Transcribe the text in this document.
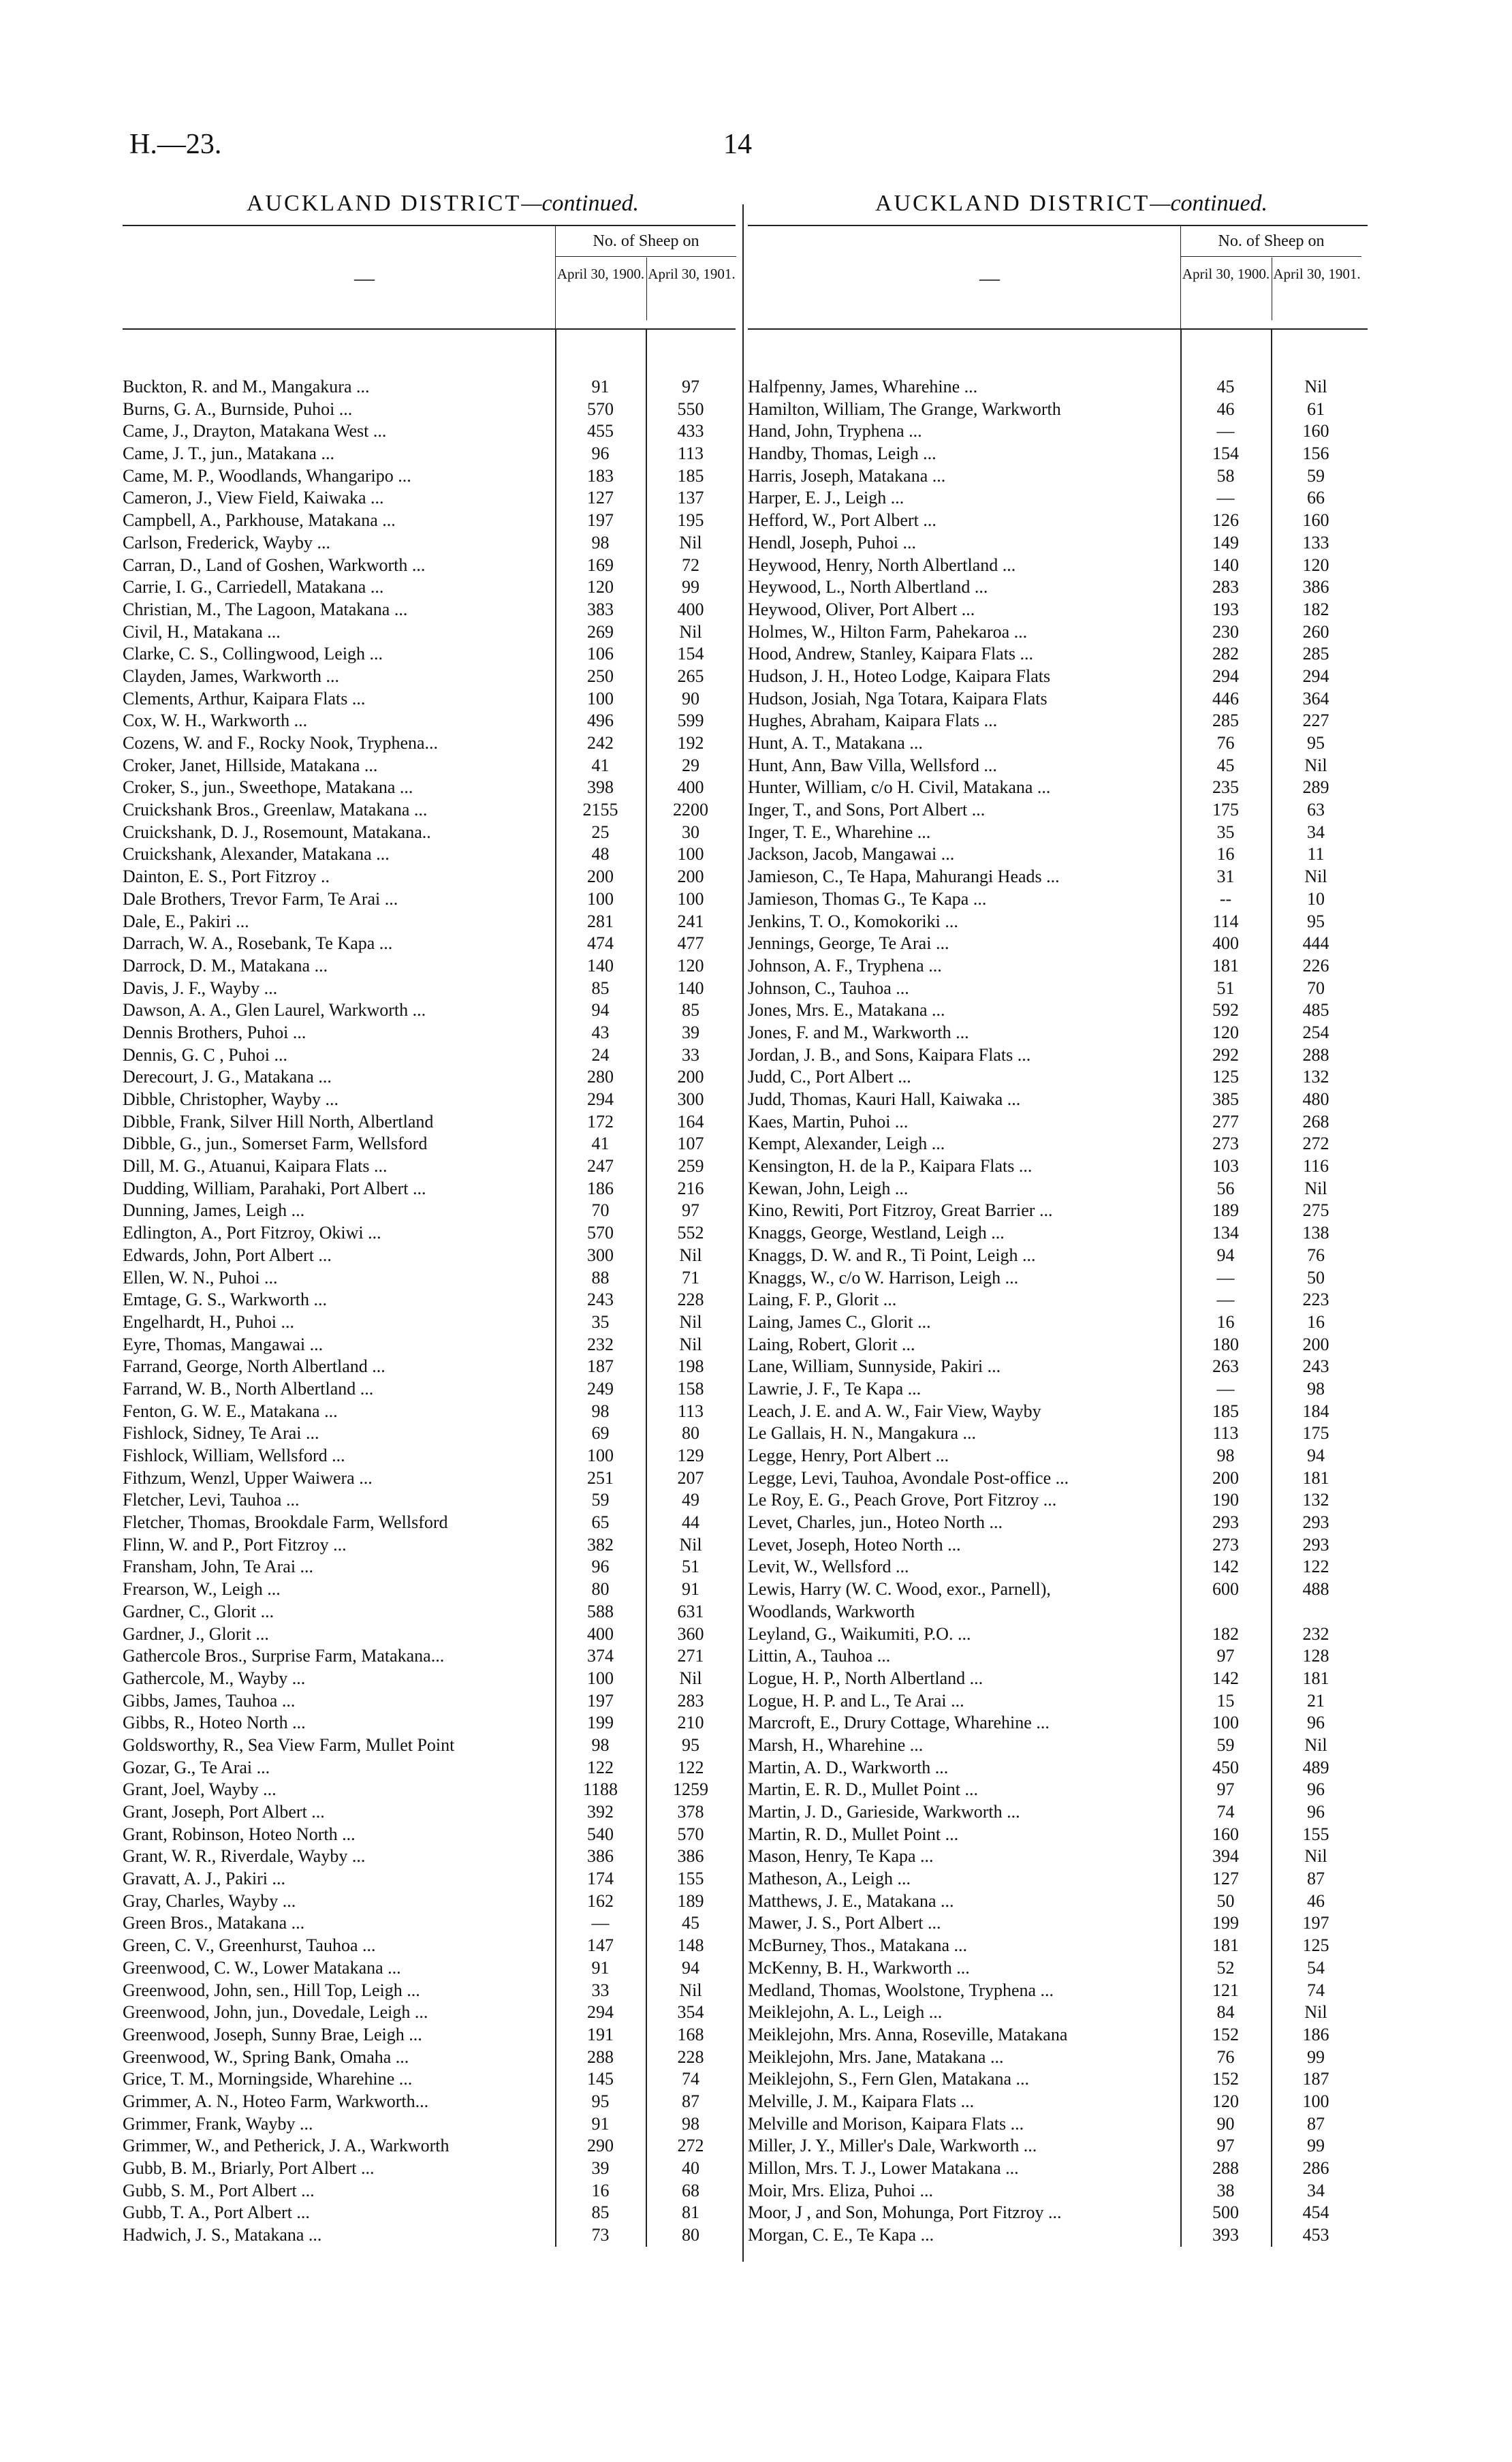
H.—23.	14
AUCKLAND DISTRICT—continued.
—
No. of Sheep on
April 30, 1900. April 30, 1901.
Buckton, R. and M., Mangakura ...	91	97
Burns, G. A., Burnside, Puhoi ...	570	550
Came, J., Drayton, Matakana West ...	455	433
Came, J. T., jun., Matakana ...	96	113
Came, M. P., Woodlands, Whangaripo ...	183	185
Cameron, J., View Field, Kaiwaka ...	127	137
Campbell, A., Parkhouse, Matakana ...	197	195
Carlson, Frederick, Wayby ...	98	Nil
Carran, D., Land of Goshen, Warkworth ...	169	72
Carrie, I. G., Carriedell, Matakana ...	120	99
Christian, M., The Lagoon, Matakana ...	383	400
Civil, H., Matakana ...	269	Nil
Clarke, C. S., Collingwood, Leigh ...	106	154
Clayden, James, Warkworth ...	250	265
Clements, Arthur, Kaipara Flats ...	100	90
Cox, W. H., Warkworth ...	496	599
Cozens, W. and F., Rocky Nook, Tryphena...	242	192
Croker, Janet, Hillside, Matakana ...	41	29
Croker, S., jun., Sweethope, Matakana ...	398	400
Cruickshank Bros., Greenlaw, Matakana ...	2155	2200
Cruickshank, D. J., Rosemount, Matakana..	25	30
Cruickshank, Alexander, Matakana ...	48	100
Dainton, E. S., Port Fitzroy ..	200	200
Dale Brothers, Trevor Farm, Te Arai ...	100	100
Dale, E., Pakiri ...	281	241
Darrach, W. A., Rosebank, Te Kapa ...	474	477
Darrock, D. M., Matakana ...	140	120
Davis, J. F., Wayby ...	85	140
Dawson, A. A., Glen Laurel, Warkworth ...	94	85
Dennis Brothers, Puhoi ...	43	39
Dennis, G. C , Puhoi ...	24	33
Derecourt, J. G., Matakana ...	280	200
Dibble, Christopher, Wayby ...	294	300
Dibble, Frank, Silver Hill North, Albertland	172	164
Dibble, G., jun., Somerset Farm, Wellsford	41	107
Dill, M. G., Atuanui, Kaipara Flats ...	247	259
Dudding, William, Parahaki, Port Albert ...	186	216
Dunning, James, Leigh ...	70	97
Edlington, A., Port Fitzroy, Okiwi ...	570	552
Edwards, John, Port Albert ...	300	Nil
Ellen, W. N., Puhoi ...	88	71
Emtage, G. S., Warkworth ...	243	228
Engelhardt, H., Puhoi ...	35	Nil
Eyre, Thomas, Mangawai ...	232	Nil
Farrand, George, North Albertland ...	187	198
Farrand, W. B., North Albertland ...	249	158
Fenton, G. W. E., Matakana ...	98	113
Fishlock, Sidney, Te Arai ...	69	80
Fishlock, William, Wellsford ...	100	129
Fithzum, Wenzl, Upper Waiwera ...	251	207
Fletcher, Levi, Tauhoa ...	59	49
Fletcher, Thomas, Brookdale Farm, Wellsford	65	44
Flinn, W. and P., Port Fitzroy ...	382	Nil
Fransham, John, Te Arai ...	96	51
Frearson, W., Leigh ...	80	91
Gardner, C., Glorit ...	588	631
Gardner, J., Glorit ...	400	360
Gathercole Bros., Surprise Farm, Matakana...	374	271
Gathercole, M., Wayby ...	100	Nil
Gibbs, James, Tauhoa ...	197	283
Gibbs, R., Hoteo North ...	199	210
Goldsworthy, R., Sea View Farm, Mullet Point	98	95
Gozar, G., Te Arai ...	122	122
Grant, Joel, Wayby ...	1188	1259
Grant, Joseph, Port Albert ...	392	378
Grant, Robinson, Hoteo North ...	540	570
Grant, W. R., Riverdale, Wayby ...	386	386
Gravatt, A. J., Pakiri ...	174	155
Gray, Charles, Wayby ...	162	189
Green Bros., Matakana ...	—	45
Green, C. V., Greenhurst, Tauhoa ...	147	148
Greenwood, C. W., Lower Matakana ...	91	94
Greenwood, John, sen., Hill Top, Leigh ...	33	Nil
Greenwood, John, jun., Dovedale, Leigh ...	294	354
Greenwood, Joseph, Sunny Brae, Leigh ...	191	168
Greenwood, W., Spring Bank, Omaha ...	288	228
Grice, T. M., Morningside, Wharehine ...	145	74
Grimmer, A. N., Hoteo Farm, Warkworth...	95	87
Grimmer, Frank, Wayby ...	91	98
Grimmer, W., and Petherick, J. A., Warkworth	290	272
Gubb, B. M., Briarly, Port Albert ...	39	40
Gubb, S. M., Port Albert ...	16	68
Gubb, T. A., Port Albert ...	85	81
Hadwich, J. S., Matakana ...	73	80
AUCKLAND DISTRICT—continued.
—
No. of Sheep on
April 30, 1900. April 30, 1901.
Halfpenny, James, Wharehine ...	45	Nil
Hamilton, William, The Grange, Warkworth	46	61
Hand, John, Tryphena ...	—	160
Handby, Thomas, Leigh ...	154	156
Harris, Joseph, Matakana ...	58	59
Harper, E. J., Leigh ...	—	66
Hefford, W., Port Albert ...	126	160
Hendl, Joseph, Puhoi ...	149	133
Heywood, Henry, North Albertland ...	140	120
Heywood, L., North Albertland ...	283	386
Heywood, Oliver, Port Albert ...	193	182
Holmes, W., Hilton Farm, Pahekaroa ...	230	260
Hood, Andrew, Stanley, Kaipara Flats ...	282	285
Hudson, J. H., Hoteo Lodge, Kaipara Flats	294	294
Hudson, Josiah, Nga Totara, Kaipara Flats	446	364
Hughes, Abraham, Kaipara Flats ...	285	227
Hunt, A. T., Matakana ...	76	95
Hunt, Ann, Baw Villa, Wellsford ...	45	Nil
Hunter, William, c/o H. Civil, Matakana ...	235	289
Inger, T., and Sons, Port Albert ...	175	63
Inger, T. E., Wharehine ...	35	34
Jackson, Jacob, Mangawai ...	16	11
Jamieson, C., Te Hapa, Mahurangi Heads ...	31	Nil
Jamieson, Thomas G., Te Kapa ...	--	10
Jenkins, T. O., Komokoriki ...	114	95
Jennings, George, Te Arai ...	400	444
Johnson, A. F., Tryphena ...	181	226
Johnson, C., Tauhoa ...	51	70
Jones, Mrs. E., Matakana ...	592	485
Jones, F. and M., Warkworth ...	120	254
Jordan, J. B., and Sons, Kaipara Flats ...	292	288
Judd, C., Port Albert ...	125	132
Judd, Thomas, Kauri Hall, Kaiwaka ...	385	480
Kaes, Martin, Puhoi ...	277	268
Kempt, Alexander, Leigh ...	273	272
Kensington, H. de la P., Kaipara Flats ...	103	116
Kewan, John, Leigh ...	56	Nil
Kino, Rewiti, Port Fitzroy, Great Barrier ...	189	275
Knaggs, George, Westland, Leigh ...	134	138
Knaggs, D. W. and R., Ti Point, Leigh ...	94	76
Knaggs, W., c/o W. Harrison, Leigh ...	—	50
Laing, F. P., Glorit ...	—	223
Laing, James C., Glorit ...	16	16
Laing, Robert, Glorit ...	180	200
Lane, William, Sunnyside, Pakiri ...	263	243
Lawrie, J. F., Te Kapa ...	—	98
Leach, J. E. and A. W., Fair View, Wayby	185	184
Le Gallais, H. N., Mangakura ...	113	175
Legge, Henry, Port Albert ...	98	94
Legge, Levi, Tauhoa, Avondale Post-office ...	200	181
Le Roy, E. G., Peach Grove, Port Fitzroy ...	190	132
Levet, Charles, jun., Hoteo North ...	293	293
Levet, Joseph, Hoteo North ...	273	293
Levit, W., Wellsford ...	142	122
Lewis, Harry (W. C. Wood, exor., Parnell),	600	488
Woodlands, Warkworth
Leyland, G., Waikumiti, P.O. ...	182	232
Littin, A., Tauhoa ...	97	128
Logue, H. P., North Albertland ...	142	181
Logue, H. P. and L., Te Arai ...	15	21
Marcroft, E., Drury Cottage, Wharehine ...	100	96
Marsh, H., Wharehine ...	59	Nil
Martin, A. D., Warkworth ...	450	489
Martin, E. R. D., Mullet Point ...	97	96
Martin, J. D., Garieside, Warkworth ...	74	96
Martin, R. D., Mullet Point ...	160	155
Mason, Henry, Te Kapa ...	394	Nil
Matheson, A., Leigh ...	127	87
Matthews, J. E., Matakana ...	50	46
Mawer, J. S., Port Albert ...	199	197
McBurney, Thos., Matakana ...	181	125
McKenny, B. H., Warkworth ...	52	54
Medland, Thomas, Woolstone, Tryphena ...	121	74
Meiklejohn, A. L., Leigh ...	84	Nil
Meiklejohn, Mrs. Anna, Roseville, Matakana	152	186
Meiklejohn, Mrs. Jane, Matakana ...	76	99
Meiklejohn, S., Fern Glen, Matakana ...	152	187
Melville, J. M., Kaipara Flats ...	120	100
Melville and Morison, Kaipara Flats ...	90	87
Miller, J. Y., Miller's Dale, Warkworth ...	97	99
Millon, Mrs. T. J., Lower Matakana ...	288	286
Moir, Mrs. Eliza, Puhoi ...	38	34
Moor, J , and Son, Mohunga, Port Fitzroy ...	500	454
Morgan, C. E., Te Kapa ...	393	453
